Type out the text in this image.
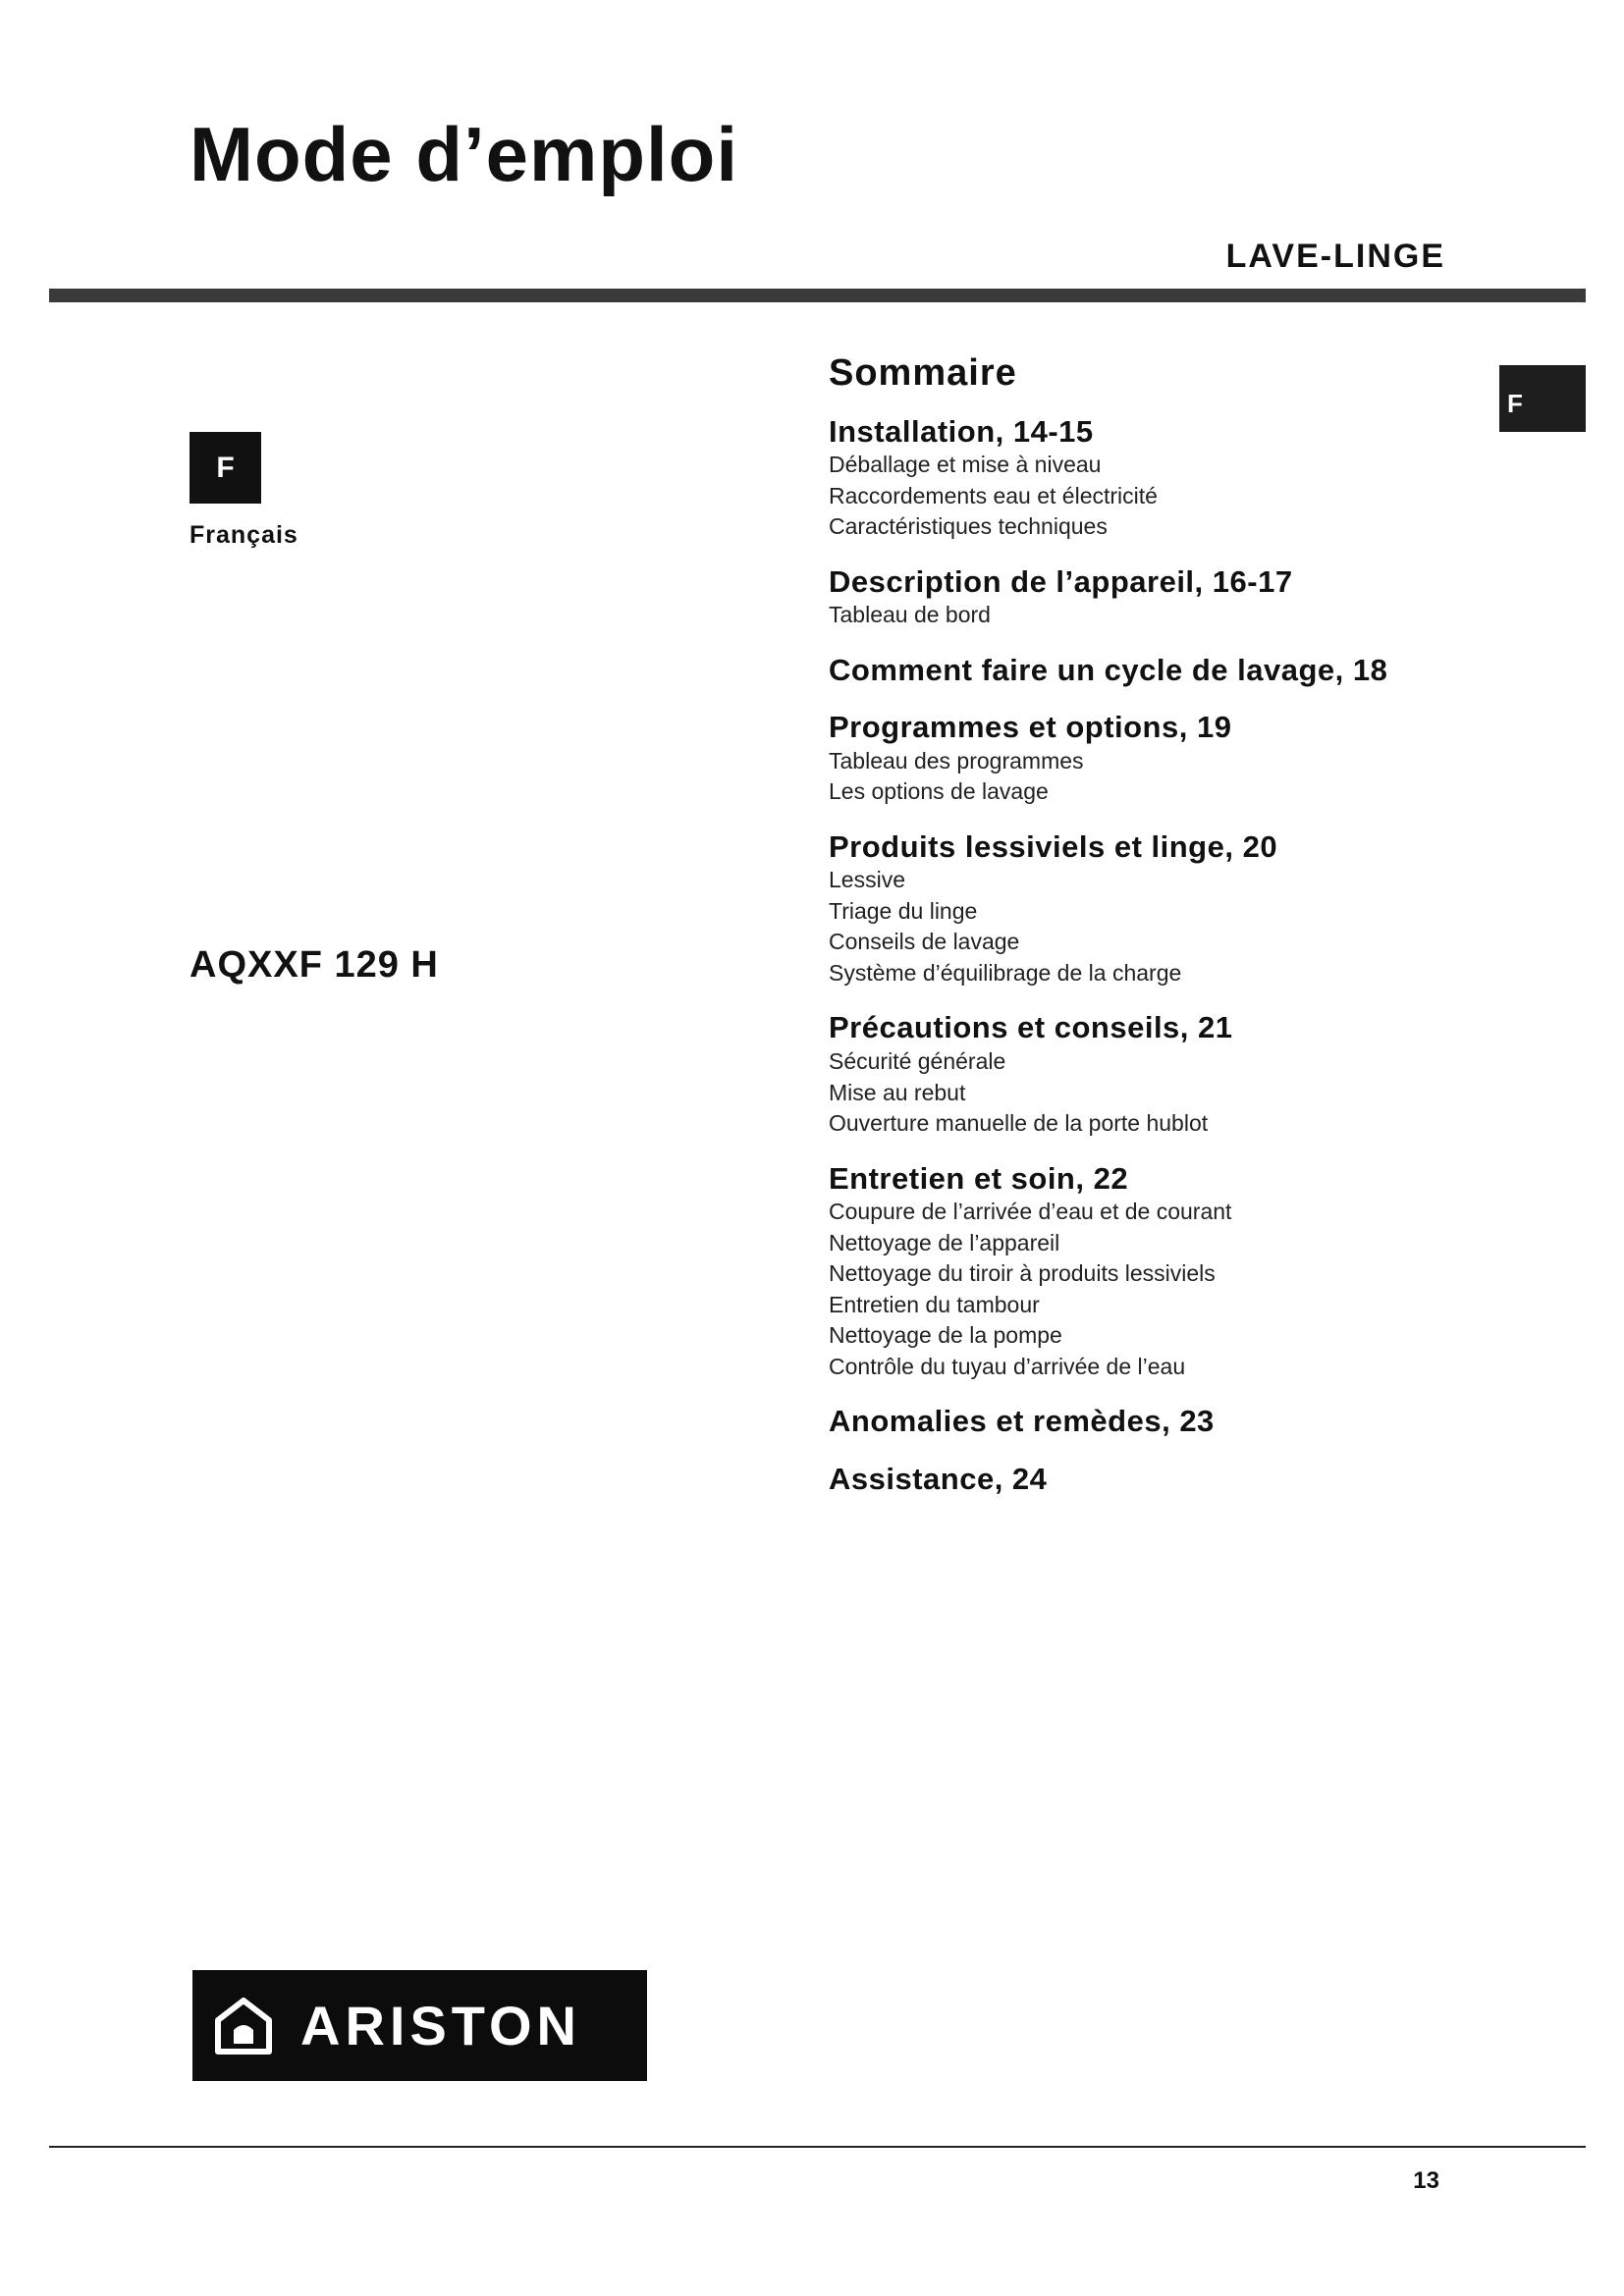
Mode d’emploi
LAVE-LINGE
F
Français
AQXXF 129 H
F
Sommaire
Installation, 14-15
Déballage et mise à niveau
Raccordements eau et électricité
Caractéristiques techniques
Description de l’appareil, 16-17
Tableau de bord
Comment faire un cycle de lavage, 18
Programmes et options, 19
Tableau des programmes
Les options de lavage
Produits lessiviels et linge, 20
Lessive
Triage du linge
Conseils de lavage
Système d’équilibrage de la charge
Précautions et conseils, 21
Sécurité générale
Mise au rebut
Ouverture manuelle de la porte hublot
Entretien et soin, 22
Coupure de l’arrivée d’eau et de courant
Nettoyage de l’appareil
Nettoyage du tiroir à produits lessiviels
Entretien du tambour
Nettoyage de la pompe
Contrôle du tuyau d’arrivée de l’eau
Anomalies et remèdes, 23
Assistance, 24
ARISTON
13
